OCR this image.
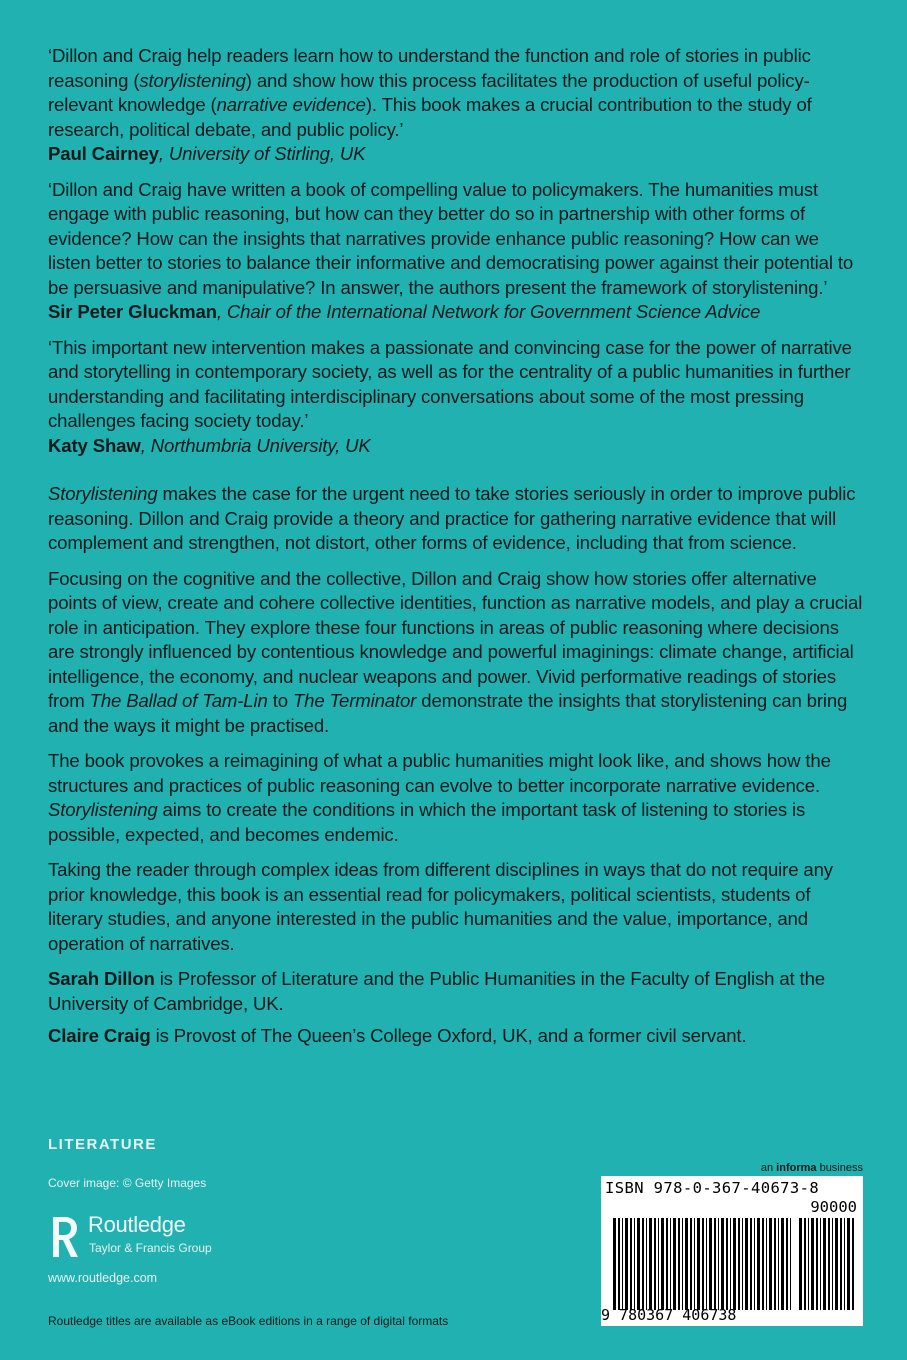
‘Dillon and Craig help readers learn how to understand the function and role of stories in public reasoning (storylistening) and show how this process facilitates the production of useful policy-relevant knowledge (narrative evidence). This book makes a crucial contribution to the study of research, political debate, and public policy.’
Paul Cairney, University of Stirling, UK

‘Dillon and Craig have written a book of compelling value to policymakers. The humanities must engage with public reasoning, but how can they better do so in partnership with other forms of evidence? How can the insights that narratives provide enhance public reasoning? How can we listen better to stories to balance their informative and democratising power against their potential to be persuasive and manipulative? In answer, the authors present the framework of storylistening.’
Sir Peter Gluckman, Chair of the International Network for Government Science Advice

‘This important new intervention makes a passionate and convincing case for the power of narrative and storytelling in contemporary society, as well as for the centrality of a public humanities in further understanding and facilitating interdisciplinary conversations about some of the most pressing challenges facing society today.’
Katy Shaw, Northumbria University, UK

Storylistening makes the case for the urgent need to take stories seriously in order to improve public reasoning. Dillon and Craig provide a theory and practice for gathering narrative evidence that will complement and strengthen, not distort, other forms of evidence, including that from science.

Focusing on the cognitive and the collective, Dillon and Craig show how stories offer alternative points of view, create and cohere collective identities, function as narrative models, and play a crucial role in anticipation. They explore these four functions in areas of public reasoning where decisions are strongly influenced by contentious knowledge and powerful imaginings: climate change, artificial intelligence, the economy, and nuclear weapons and power. Vivid performative readings of stories from The Ballad of Tam-Lin to The Terminator demonstrate the insights that storylistening can bring and the ways it might be practised.

The book provokes a reimagining of what a public humanities might look like, and shows how the structures and practices of public reasoning can evolve to better incorporate narrative evidence. Storylistening aims to create the conditions in which the important task of listening to stories is possible, expected, and becomes endemic.

Taking the reader through complex ideas from different disciplines in ways that do not require any prior knowledge, this book is an essential read for policymakers, political scientists, students of literary studies, and anyone interested in the public humanities and the value, importance, and operation of narratives.

Sarah Dillon is Professor of Literature and the Public Humanities in the Faculty of English at the University of Cambridge, UK.

Claire Craig is Provost of The Queen’s College Oxford, UK, and a former civil servant.

LITERATURE
Cover image: © Getty Images
Routledge
Taylor & Francis Group
www.routledge.com
Routledge titles are available as eBook editions in a range of digital formats
an informa business
ISBN 978-0-367-40673-8
90000
9 780367 406738
